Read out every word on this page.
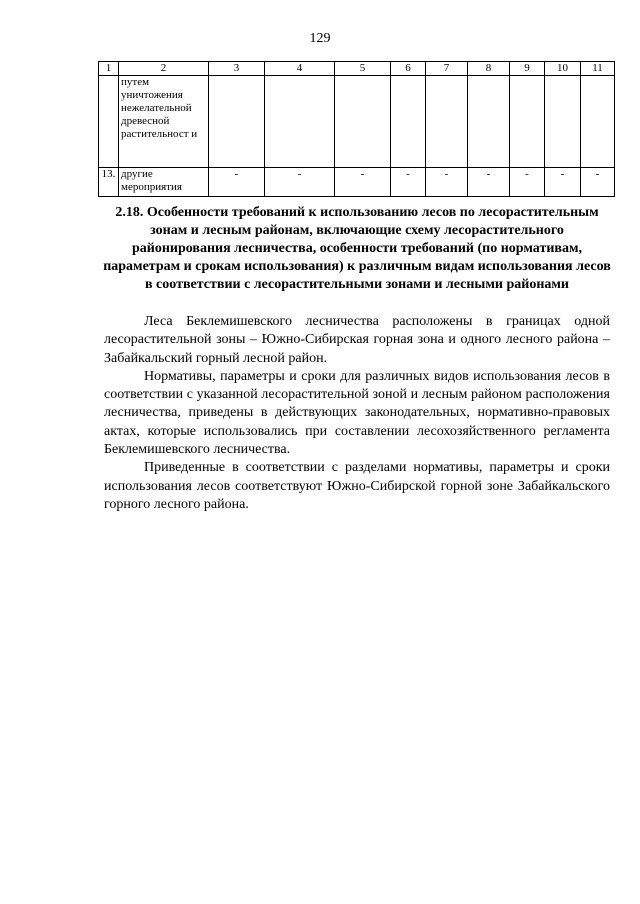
129
1	2	3	4	5	6	7	8	9	10	11
	путем уничтожения нежелательной древесной растительност и									
13.	другие мероприятия	-	-	-	-	-	-	-	-	-
2.18. Особенности требований к использованию лесов по лесорастительным зонам и лесным районам, включающие схему лесорастительного районирования лесничества, особенности требований (по нормативам, параметрам и срокам использования) к различным видам использования лесов в соответствии с лесорастительными зонами и лесными районами

Леса Беклемишевского лесничества расположены в границах одной лесорастительной зоны – Южно-Сибирская горная зона и одного лесного района – Забайкальский горный лесной район.

Нормативы, параметры и сроки для различных видов использования лесов в соответствии с указанной лесорастительной зоной и лесным районом расположения лесничества, приведены в действующих законодательных, нормативно-правовых актах, которые использовались при составлении лесохозяйственного регламента Беклемишевского лесничества.

Приведенные в соответствии с разделами нормативы, параметры и сроки использования лесов соответствуют Южно-Сибирской горной зоне Забайкальского горного лесного района.
